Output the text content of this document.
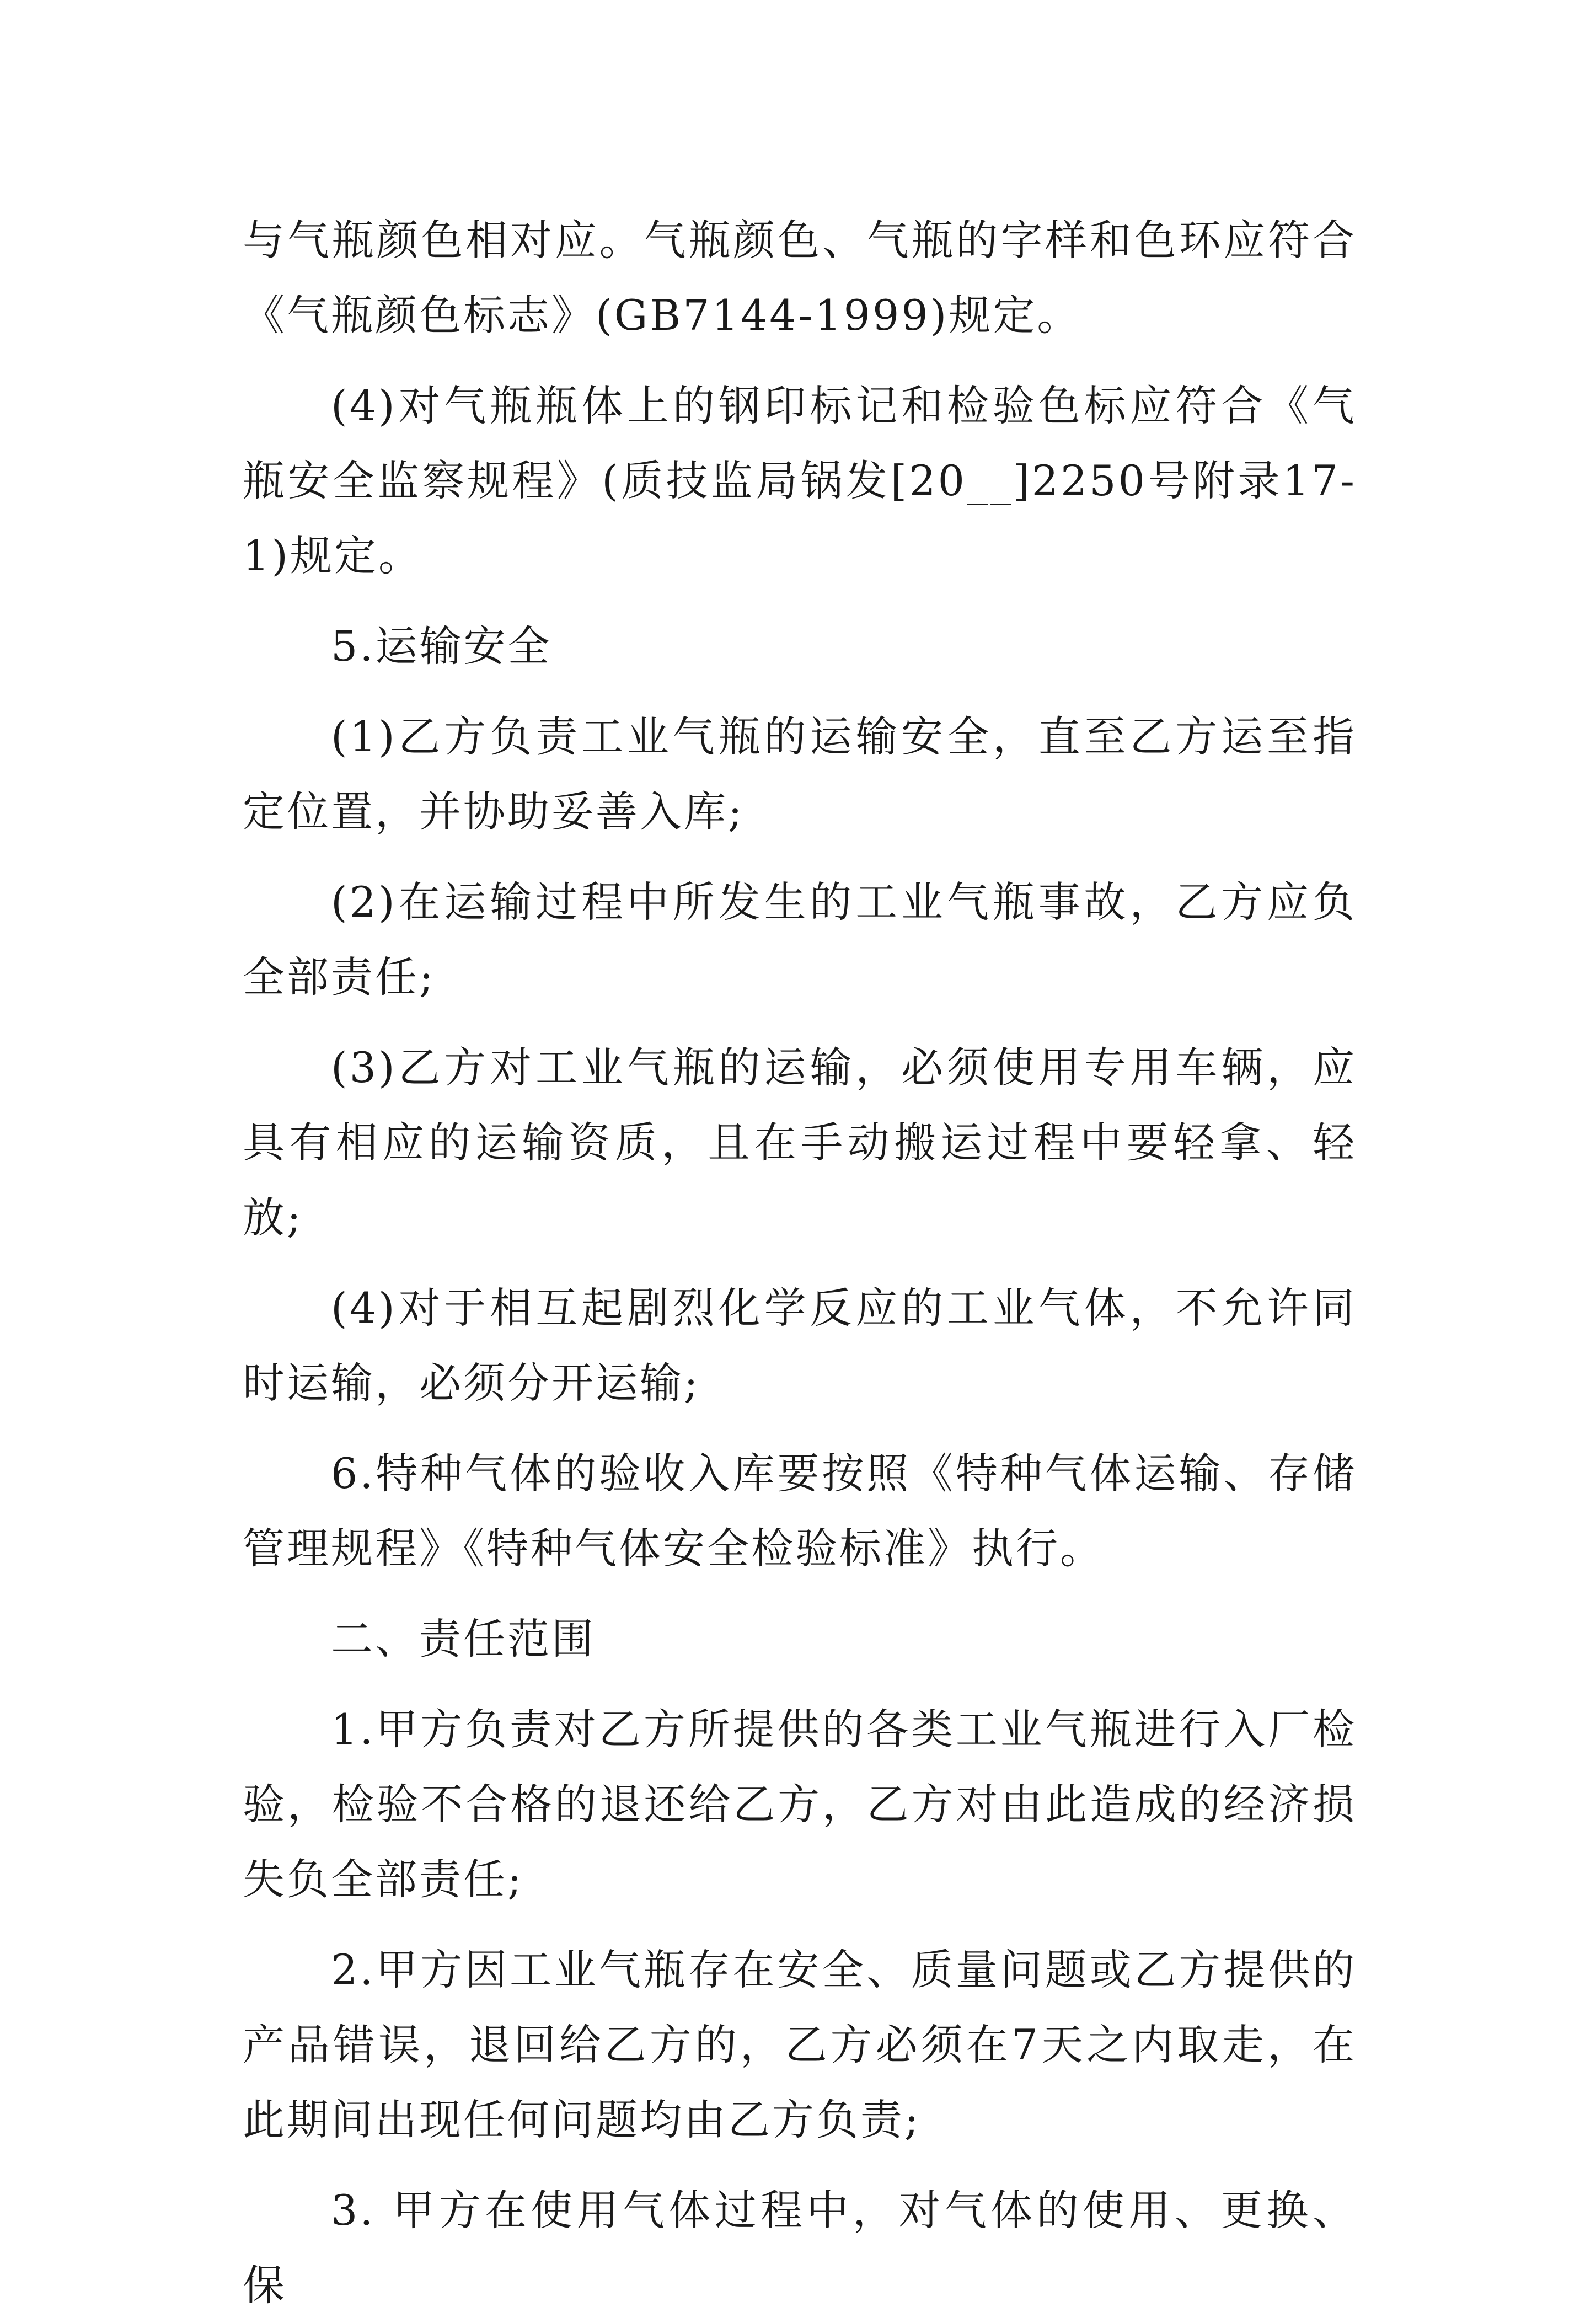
与气瓶颜色相对应。气瓶颜色、气瓶的字样和色环应符合《气瓶颜色标志》(GB7144-1999)规定。

(4)对气瓶瓶体上的钢印标记和检验色标应符合《气瓶安全监察规程》(质技监局锅发[20__]2250号附录17-1)规定。

5.运输安全

(1)乙方负责工业气瓶的运输安全，直至乙方运至指定位置，并协助妥善入库;

(2)在运输过程中所发生的工业气瓶事故，乙方应负全部责任;

(3)乙方对工业气瓶的运输，必须使用专用车辆，应具有相应的运输资质，且在手动搬运过程中要轻拿、轻放;

(4)对于相互起剧烈化学反应的工业气体，不允许同时运输，必须分开运输;

6.特种气体的验收入库要按照《特种气体运输、存储管理规程》《特种气体安全检验标准》执行。

二、责任范围

1.甲方负责对乙方所提供的各类工业气瓶进行入厂检验，检验不合格的退还给乙方，乙方对由此造成的经济损失负全部责任;

2.甲方因工业气瓶存在安全、质量问题或乙方提供的产品错误，退回给乙方的，乙方必须在7天之内取走，在此期间出现任何问题均由乙方负责;

3. 甲方在使用气体过程中，对气体的使用、更换、保
